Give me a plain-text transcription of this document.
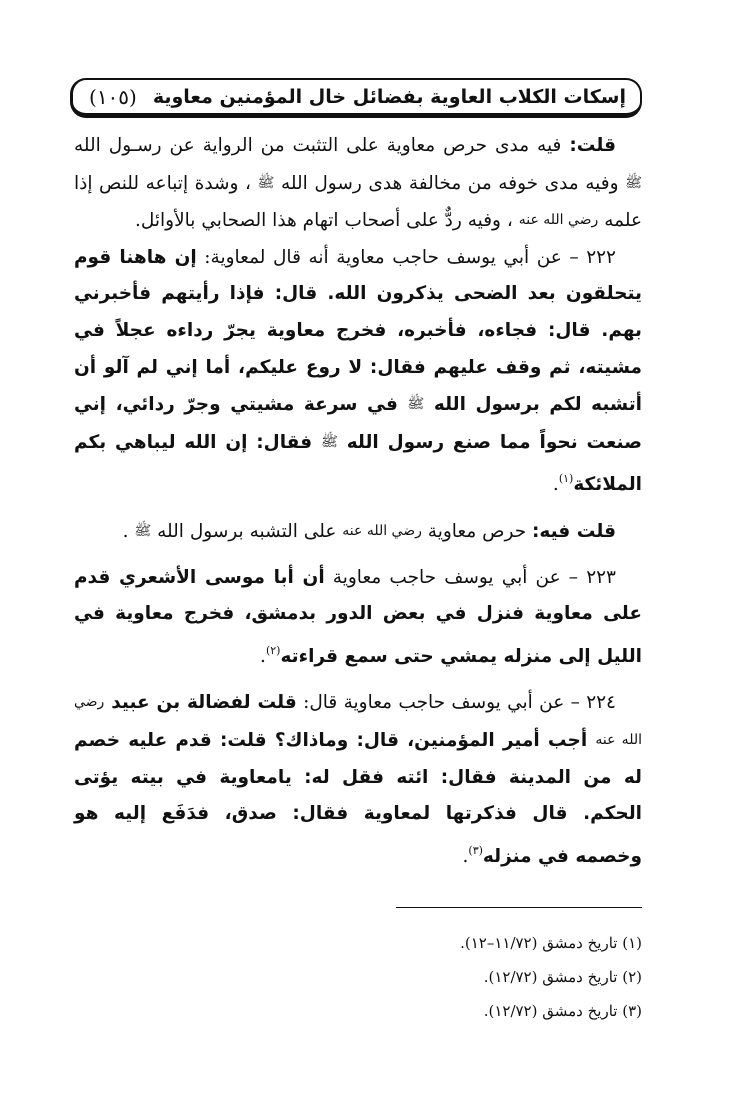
إسكات الكلاب العاوية بفضائل خال المؤمنين معاوية
(١٠٥)

قلت: فيه مدى حرص معاوية على التثبت من الرواية عن رسـول الله ﷺ وفيه مدى خوفه من مخالفة هدى رسول الله ﷺ ، وشدة إتباعه للنص إذا علمه رضي الله عنه ، وفيه ردٌّ على أصحاب اتهام هذا الصحابي بالأوائل.

٢٢٢ – عن أبي يوسف حاجب معاوية أنه قال لمعاوية: إن هاهنا قوم يتحلقون بعد الضحى يذكرون الله. قال: فإذا رأيتهم فأخبرني بهم. قال: فجاءه، فأخبره، فخرج معاوية يجرّ رداءه عجلاً في مشيته، ثم وقف عليهم فقال: لا روع عليكم، أما إني لم آلو أن أتشبه لكم برسول الله ﷺ في سرعة مشيتي وجرّ ردائي، إني صنعت نحواً مما صنع رسول الله ﷺ فقال: إن الله ليباهي بكم الملائكة$^{(١)}$.

قلت فيه: حرص معاوية رضي الله عنه على التشبه برسول الله ﷺ .

٢٢٣ – عن أبي يوسف حاجب معاوية أن أبا موسى الأشعري قدم على معاوية فنزل في بعض الدور بدمشق، فخرج معاوية في الليل إلى منزله يمشي حتى سمع قراءته$^{(٢)}$.

٢٢٤ – عن أبي يوسف حاجب معاوية قال: قلت لفضالة بن عبيد رضي الله عنه أجب أمير المؤمنين، قال: وماذاك؟ قلت: قدم عليه خصم له من المدينة فقال: ائته فقل له: يامعاوية في بيته يؤتى الحكم. قال فذكرتها لمعاوية فقال: صدق، فدَفَع إليه هو وخصمه في منزله$^{(٣)}$.

(١) تاريخ دمشق (١١/٧٢–١٢).

(٢) تاريخ دمشق (١٢/٧٢).

(٣) تاريخ دمشق (١٢/٧٢).
